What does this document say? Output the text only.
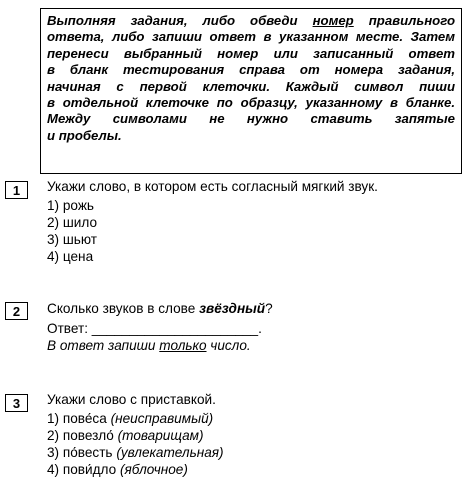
Выполняя задания, либо обведи номер правильного
ответа, либо запиши ответ в указанном месте. Затем
перенеси выбранный номер или записанный ответ
в бланк тестирования справа от номера задания,
начиная с первой клеточки. Каждый символ пиши
в отдельной клеточке по образцу, указанному в бланке.
Между символами не нужно ставить запятые
и пробелы.
1	Укажи слово, в котором есть согласный мягкий звук.
1) рожь
2) шило
3) шьют
4) цена
2	Сколько звуков в слове звёздный?
Ответ: ______________________.
В ответ запиши только число.
3	Укажи слово с приставкой.
1) пове́сa (неисправимый)
2) повезло́ (товарищам)
3) по́весть (увлекательная)
4) пови́дло (яблочное)
